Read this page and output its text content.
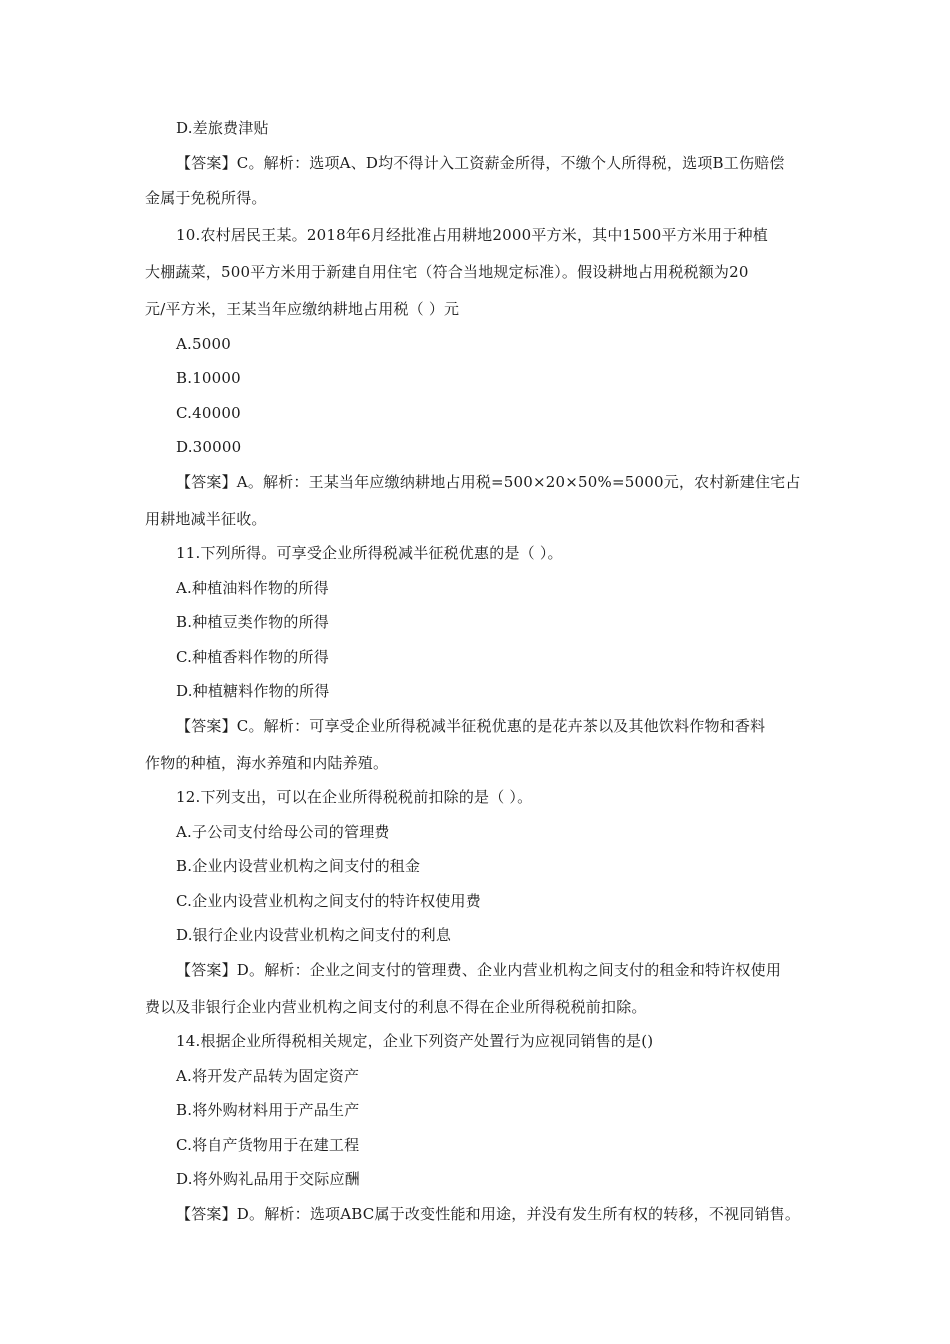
D.差旅费津贴
【答案】C。解析：选项A、D均不得计入工资薪金所得，不缴个人所得税，选项B工伤赔偿
金属于免税所得。
10.农村居民王某。2018年6月经批准占用耕地2000平方米，其中1500平方米用于种植
大棚蔬菜，500平方米用于新建自用住宅（符合当地规定标准）。假设耕地占用税税额为20
元/平方米，王某当年应缴纳耕地占用税（ ）元
A.5000
B.10000
C.40000
D.30000
【答案】A。解析：王某当年应缴纳耕地占用税=500×20×50%=5000元，农村新建住宅占
用耕地减半征收。
11.下列所得。可享受企业所得税减半征税优惠的是（ ）。
A.种植油料作物的所得
B.种植豆类作物的所得
C.种植香料作物的所得
D.种植糖料作物的所得
【答案】C。解析：可享受企业所得税减半征税优惠的是花卉茶以及其他饮料作物和香料
作物的种植，海水养殖和内陆养殖。
12.下列支出，可以在企业所得税税前扣除的是（ ）。
A.子公司支付给母公司的管理费
B.企业内设营业机构之间支付的租金
C.企业内设营业机构之间支付的特许权使用费
D.银行企业内设营业机构之间支付的利息
【答案】D。解析：企业之间支付的管理费、企业内营业机构之间支付的租金和特许权使用
费以及非银行企业内营业机构之间支付的利息不得在企业所得税税前扣除。
14.根据企业所得税相关规定，企业下列资产处置行为应视同销售的是()
A.将开发产品转为固定资产
B.将外购材料用于产品生产
C.将自产货物用于在建工程
D.将外购礼品用于交际应酬
【答案】D。解析：选项ABC属于改变性能和用途，并没有发生所有权的转移，不视同销售。
